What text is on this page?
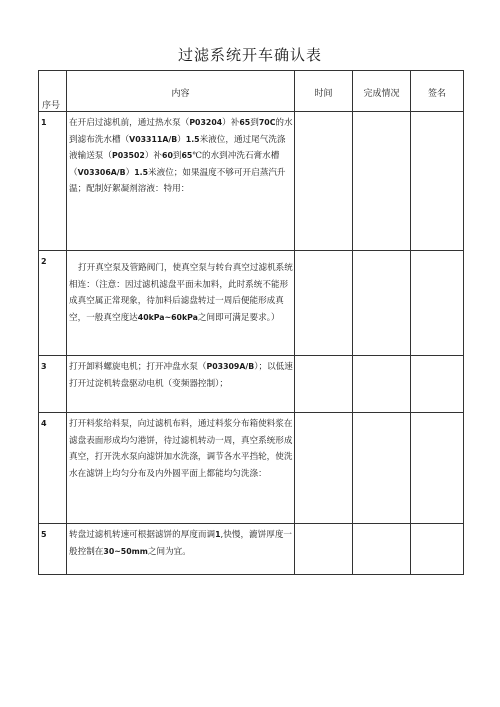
过滤系统开车确认表
序号	内容	时间	完成情况	签名

1	在开启过滤机前，通过热水泵（P03204）补65到70C的水到滤布洗水槽（V03311A/B）1.5米液位，通过尾气洗涤液输送泵（P03502）补60到65℃的水到冲洗石膏水槽（V03306A/B）1.5米液位；如果温度不够可开启蒸汽升温；配制好絮凝剂溶液：特用：			

2	打开真空泵及管路阀门，使真空泵与转台真空过滤机系统相连：（注意：因过滤机滤盘平面未加料，此时系统不能形成真空属正常现象，待加料后滤盘转过一周后便能形成真空，一般真空度达40kPa~60kPa之间即可满足要求。）			

3	打开卸料螺旋电机；打开冲盘水泵（P03309A/B）；以低速打开过淀机转盘驱动电机（变频器控制）；			

4	打开料浆给料泵，向过滤机布料，通过料浆分布箱使料浆在滤盘表面形成均匀港饼，待过滤机转动一周，真空系统形成真空，打开洗水泵向滤饼加水洗涤，调节各水平挡轮，使洗水在滤饼上均匀分布及内外圆平面上都能均匀洗涤：			

5	转盘过滤机转速可根据滤饼的厚度而调1,快慢，漉饼厚度一般控制在30~50mm之间为宜。			
